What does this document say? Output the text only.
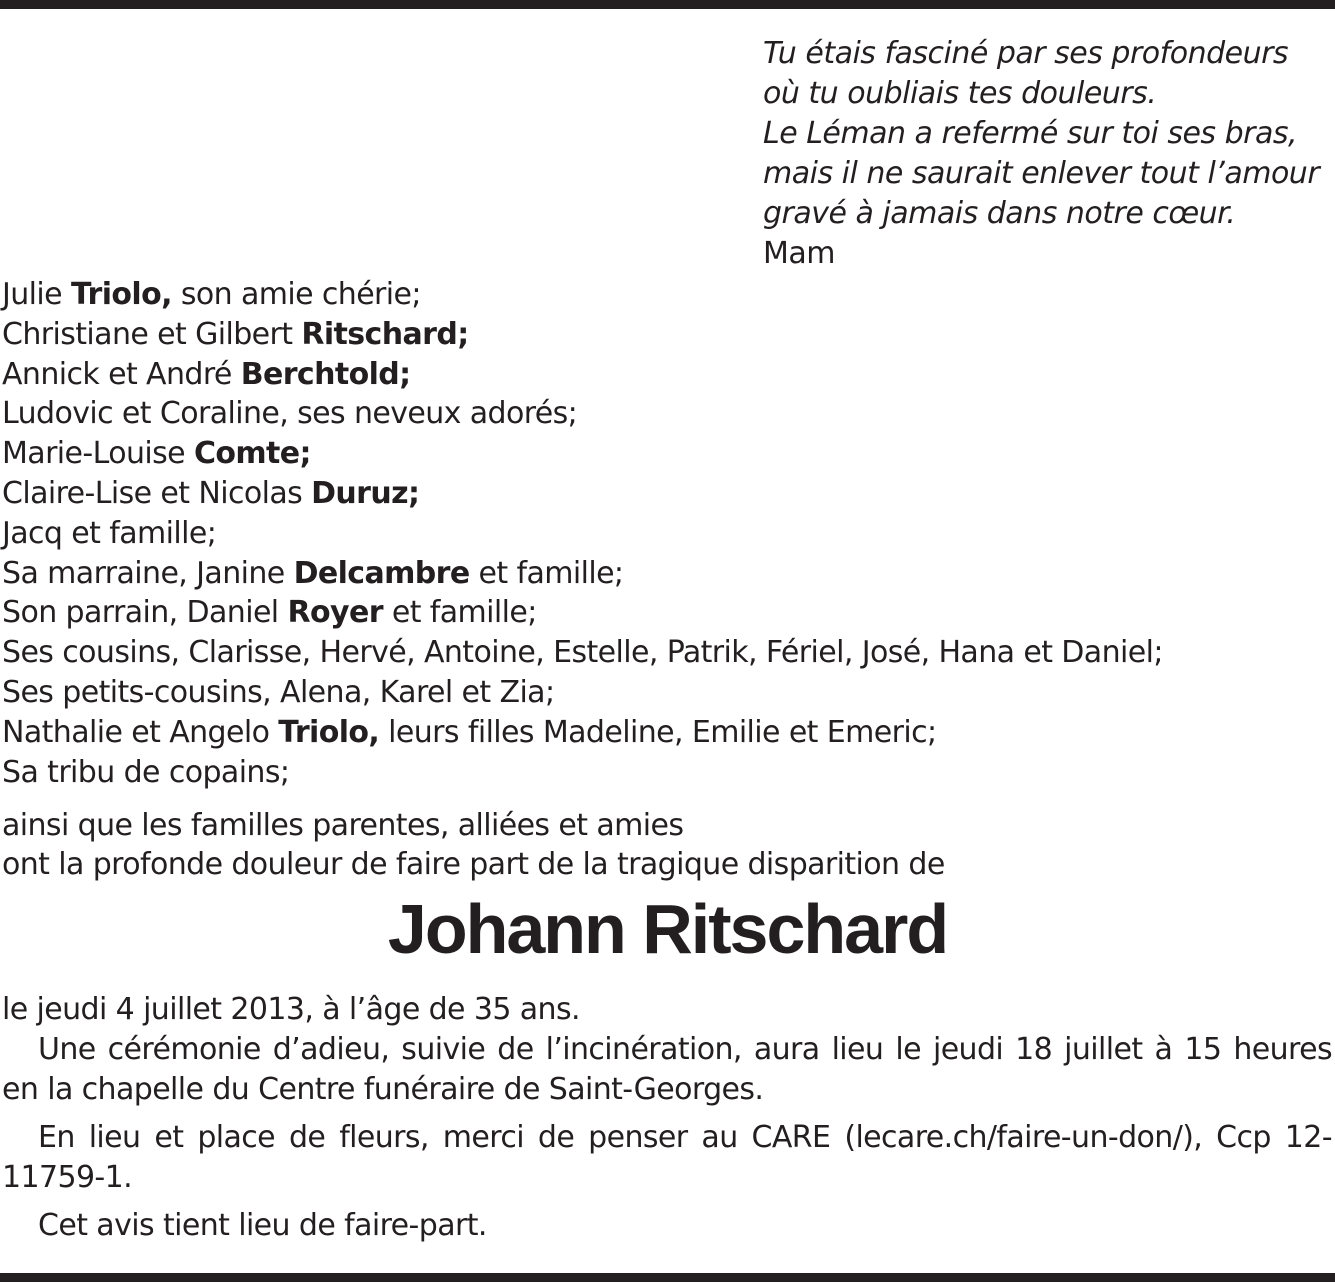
Tu étais fasciné par ses profondeurs
où tu oubliais tes douleurs.
Le Léman a refermé sur toi ses bras,
mais il ne saurait enlever tout l’amour
gravé à jamais dans notre cœur.
Mam
Julie Triolo, son amie chérie;
Christiane et Gilbert Ritschard;
Annick et André Berchtold;
Ludovic et Coraline, ses neveux adorés;
Marie-Louise Comte;
Claire-Lise et Nicolas Duruz;
Jacq et famille;
Sa marraine, Janine Delcambre et famille;
Son parrain, Daniel Royer et famille;
Ses cousins, Clarisse, Hervé, Antoine, Estelle, Patrik, Fériel, José, Hana et Daniel;
Ses petits-cousins, Alena, Karel et Zia;
Nathalie et Angelo Triolo, leurs filles Madeline, Emilie et Emeric;
Sa tribu de copains;
ainsi que les familles parentes, alliées et amies
ont la profonde douleur de faire part de la tragique disparition de
Johann Ritschard

le jeudi 4 juillet 2013, à l’âge de 35 ans.

Une cérémonie d’adieu, suivie de l’incinération, aura lieu le jeudi 18 juillet à 15 heures en la chapelle du Centre funéraire de Saint-Georges.

En lieu et place de fleurs, merci de penser au CARE (lecare.ch/faire-un-don/), Ccp 12-11759-1.

Cet avis tient lieu de faire-part.
